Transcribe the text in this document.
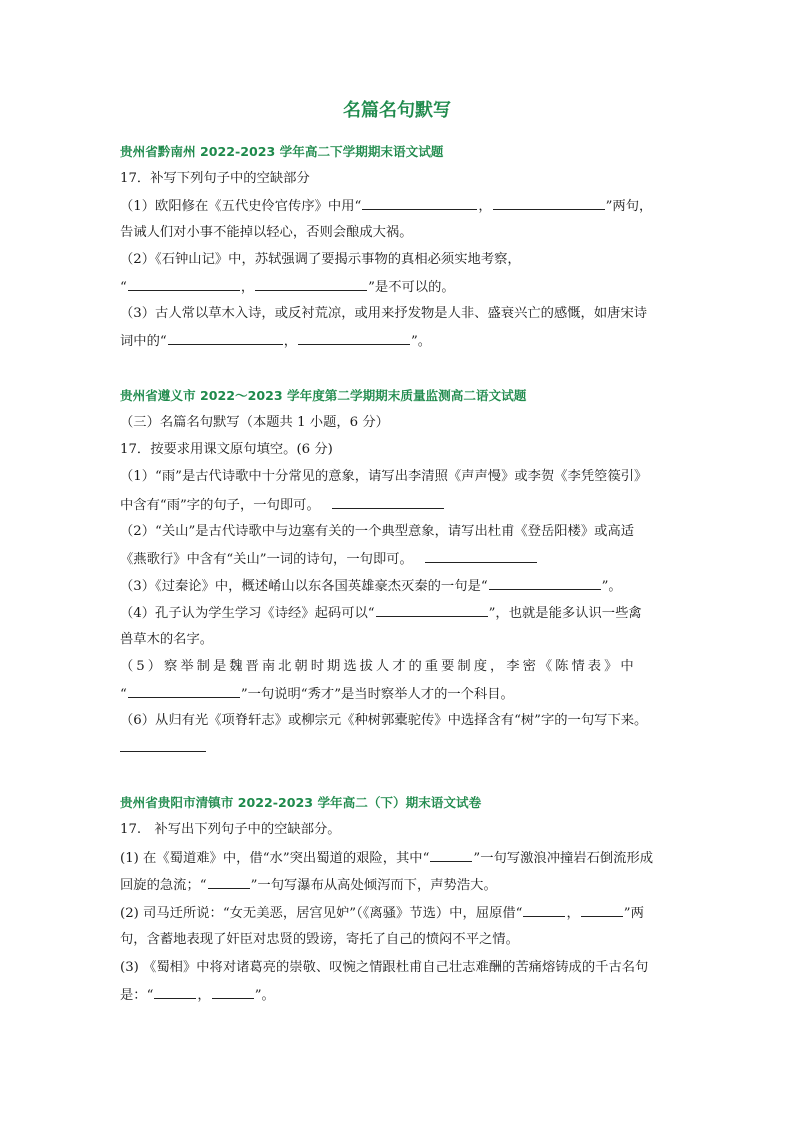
名篇名句默写
贵州省黔南州 2022-2023 学年高二下学期期末语文试题
17．补写下列句子中的空缺部分
（1）欧阳修在《五代史伶官传序》中用“	，	”两句，
告诫人们对小事不能掉以轻心，否则会酿成大祸。
（2）《石钟山记》中，苏轼强调了要揭示事物的真相必须实地考察，
“	，	”是不可以的。
（3）古人常以草木入诗，或反衬荒凉，或用来抒发物是人非、盛衰兴亡的感慨，如唐宋诗
词中的“	，	”。
贵州省遵义市 2022～2023 学年度第二学期期末质量监测高二语文试题
（三）名篇名句默写（本题共 1 小题，6 分）
17．按要求用课文原句填空。(6 分)
（1）“雨”是古代诗歌中十分常见的意象，请写出李清照《声声慢》或李贺《李凭箜篌引》
中含有“雨”字的句子，一句即可。
（2）“关山”是古代诗歌中与边塞有关的一个典型意象，请写出杜甫《登岳阳楼》或高适
《燕歌行》中含有“关山”一词的诗句，一句即可。
（3）《过秦论》中，概述崤山以东各国英雄豪杰灭秦的一句是“	”。
（4）孔子认为学生学习《诗经》起码可以“	”，也就是能多认识一些禽
兽草木的名字。
（5）察举制是魏晋南北朝时期选拔人才的重要制度，李密《陈情表》中
“	”一句说明“秀才”是当时察举人才的一个科目。
（6）从归有光《项脊轩志》或柳宗元《种树郭橐驼传》中选择含有“树”字的一句写下来。
贵州省贵阳市清镇市 2022-2023 学年高二（下）期末语文试卷
17.　补写出下列句子中的空缺部分。
(1) 在《蜀道难》中，借“水”突出蜀道的艰险，其中“	”一句写激浪冲撞岩石倒流形成
回旋的急流；“	”一句写瀑布从高处倾泻而下，声势浩大。
(2) 司马迁所说：“女无美恶，居宫见妒”（《离骚》节选）中，屈原借“	，	”两
句，含蓄地表现了奸臣对忠贤的毁谤，寄托了自己的愤闷不平之情。
(3) 《蜀相》中将对诸葛亮的崇敬、叹惋之情跟杜甫自己壮志难酬的苦痛熔铸成的千古名句
是：“	，	”。
